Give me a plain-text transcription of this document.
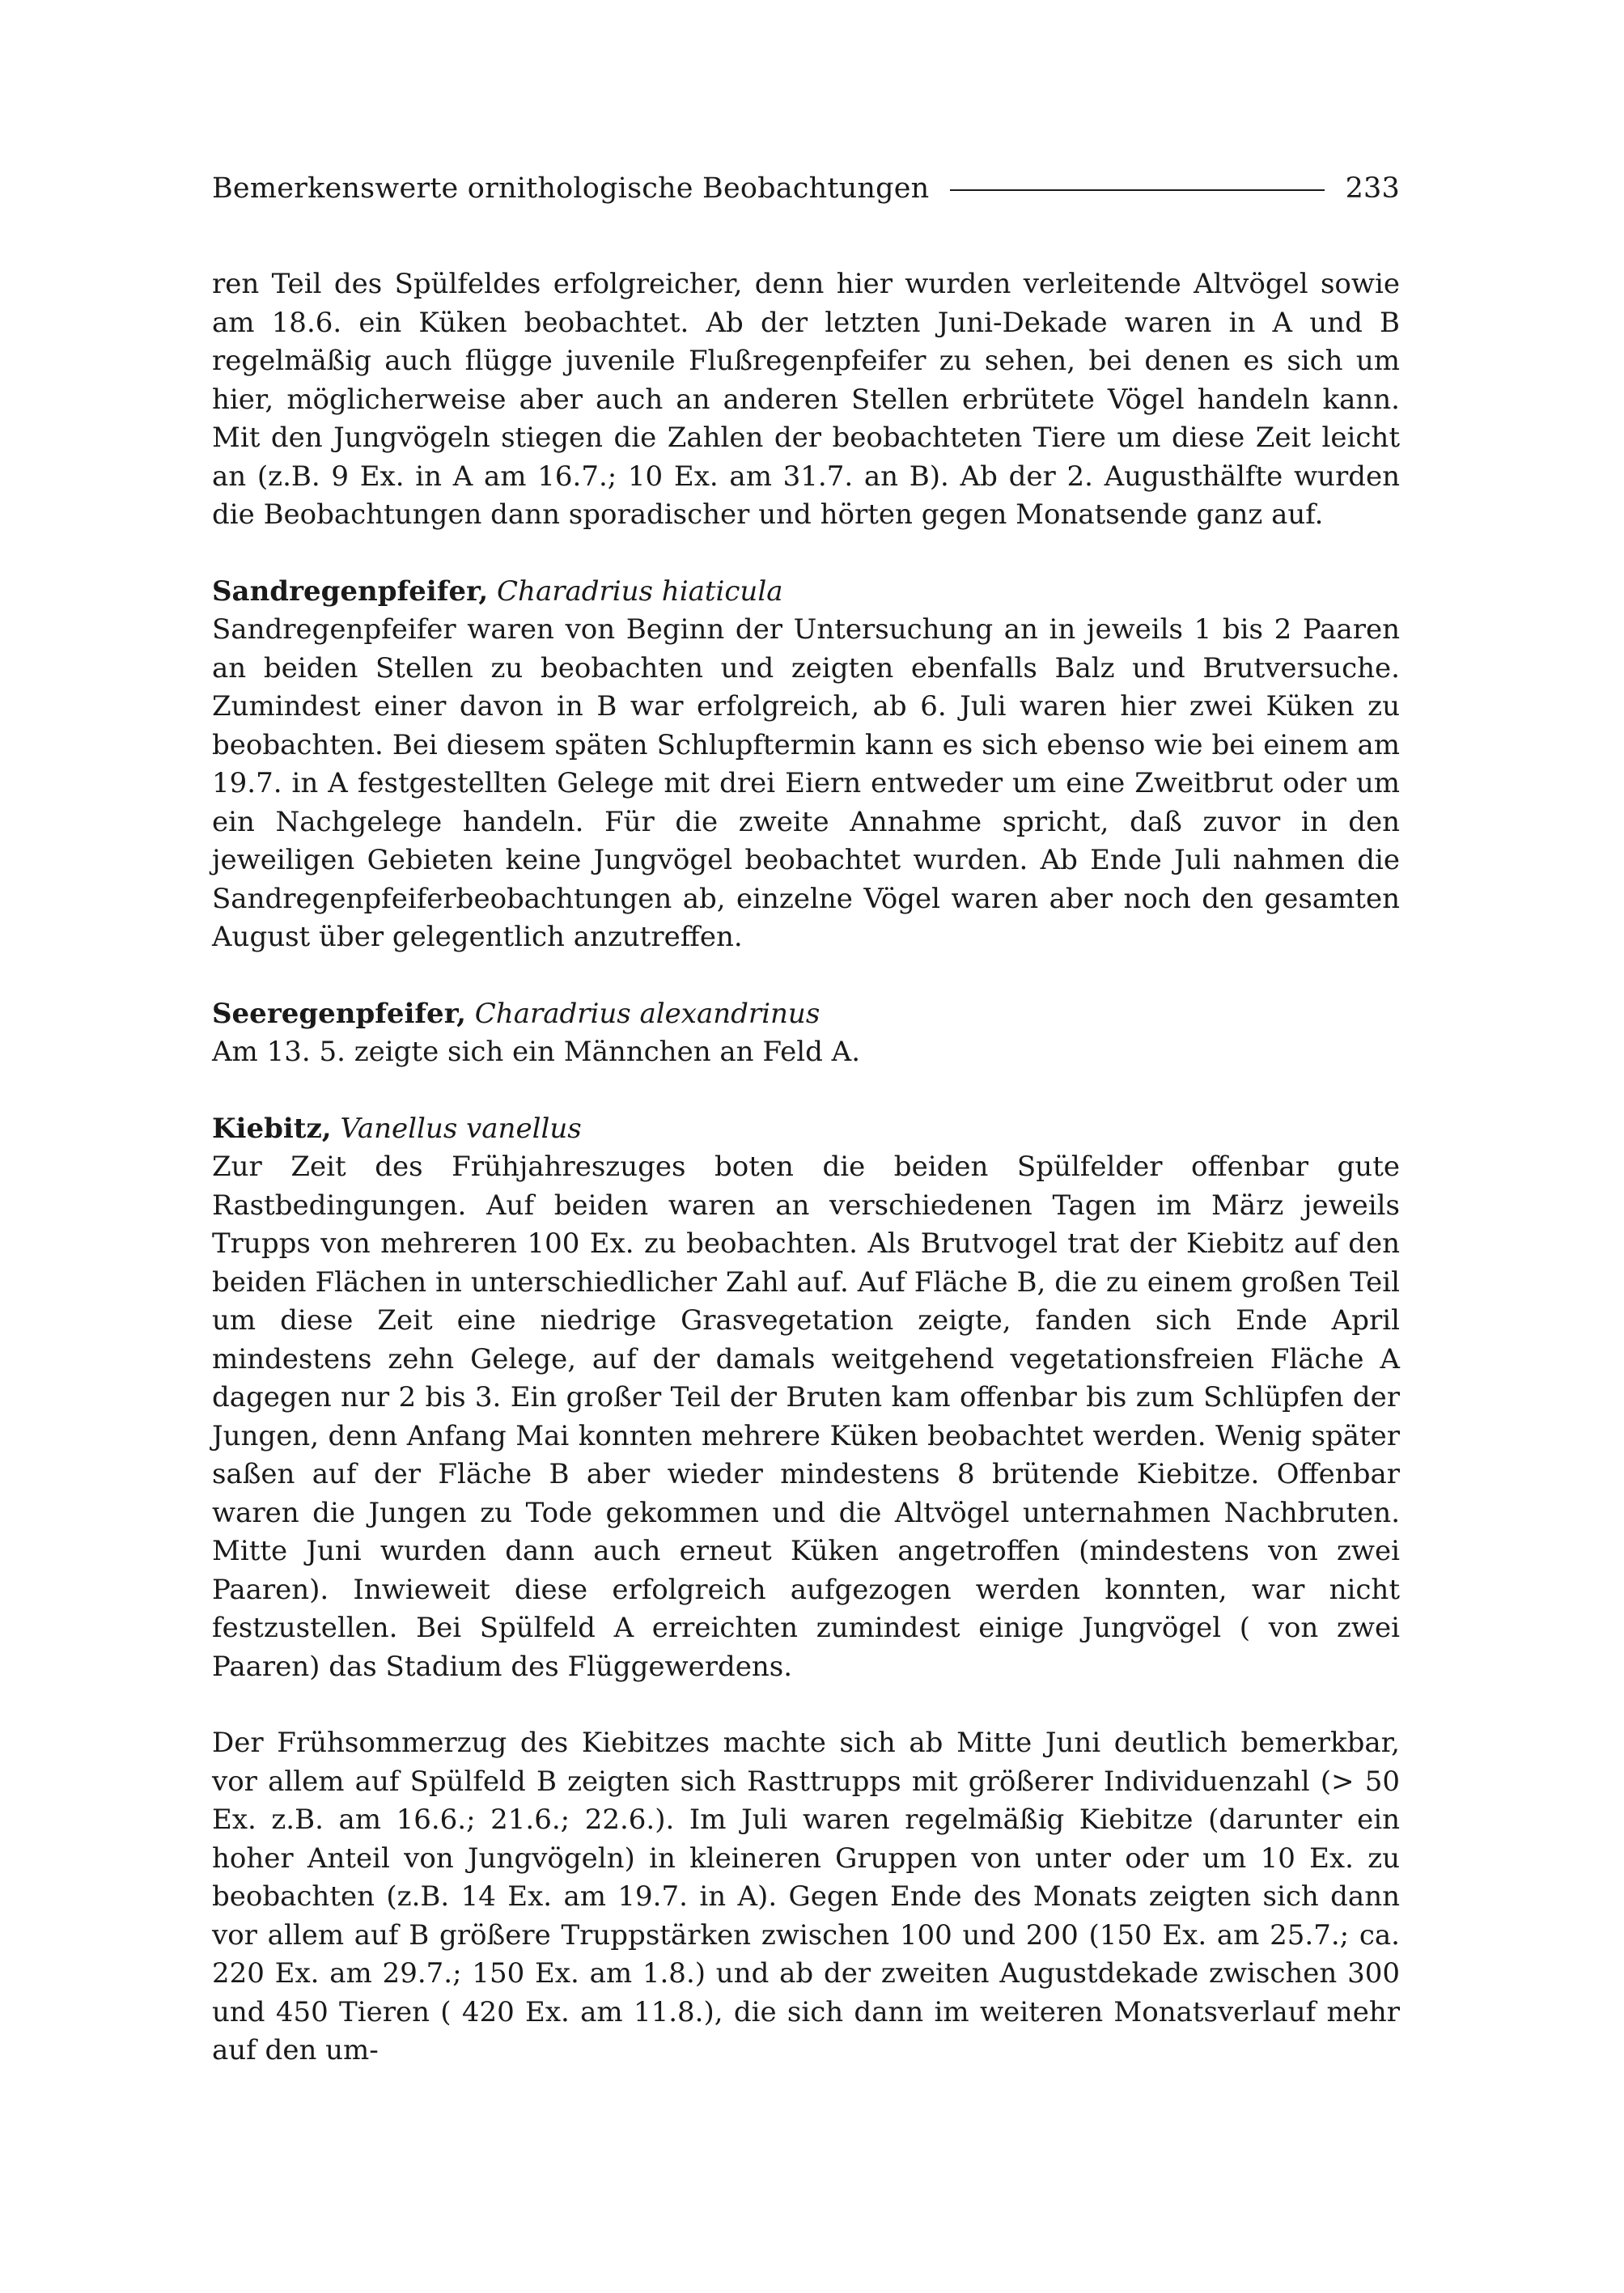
Bemerkenswerte ornithologische Beobachtungen	233

ren Teil des Spülfeldes erfolgreicher, denn hier wurden verleitende Altvögel sowie am 18.6. ein Küken beobachtet. Ab der letzten Juni-Dekade waren in A und B regelmäßig auch flügge juvenile Flußregenpfeifer zu sehen, bei denen es sich um hier, möglicherweise aber auch an anderen Stellen erbrütete Vögel handeln kann. Mit den Jungvögeln stiegen die Zahlen der beobachteten Tiere um diese Zeit leicht an (z.B. 9 Ex. in A am 16.7.; 10 Ex. am 31.7. an B). Ab der 2. Augusthälfte wurden die Beobachtungen dann sporadischer und hörten gegen Monatsende ganz auf.

Sandregenpfeifer, Charadrius hiaticula

Sandregenpfeifer waren von Beginn der Untersuchung an in jeweils 1 bis 2 Paaren an beiden Stellen zu beobachten und zeigten ebenfalls Balz und Brutversuche. Zumindest einer davon in B war erfolgreich, ab 6. Juli waren hier zwei Küken zu beobachten. Bei diesem späten Schlupftermin kann es sich ebenso wie bei einem am 19.7. in A festgestellten Gelege mit drei Eiern entweder um eine Zweitbrut oder um ein Nachgelege handeln. Für die zweite Annahme spricht, daß zuvor in den jeweiligen Gebieten keine Jungvögel beobachtet wurden. Ab Ende Juli nahmen die Sandregenpfeiferbeobachtungen ab, einzelne Vögel waren aber noch den gesamten August über gelegentlich anzutreffen.

Seeregenpfeifer, Charadrius alexandrinus

Am 13. 5. zeigte sich ein Männchen an Feld A.

Kiebitz, Vanellus vanellus

Zur Zeit des Frühjahreszuges boten die beiden Spülfelder offenbar gute Rastbedingungen. Auf beiden waren an verschiedenen Tagen im März jeweils Trupps von mehreren 100 Ex. zu beobachten. Als Brutvogel trat der Kiebitz auf den beiden Flächen in unterschiedlicher Zahl auf. Auf Fläche B, die zu einem großen Teil um diese Zeit eine niedrige Grasvegetation zeigte, fanden sich Ende April mindestens zehn Gelege, auf der damals weitgehend vegetationsfreien Fläche A dagegen nur 2 bis 3. Ein großer Teil der Bruten kam offenbar bis zum Schlüpfen der Jungen, denn Anfang Mai konnten mehrere Küken beobachtet werden. Wenig später saßen auf der Fläche B aber wieder mindestens 8 brütende Kiebitze. Offenbar waren die Jungen zu Tode gekommen und die Altvögel unternahmen Nachbruten. Mitte Juni wurden dann auch erneut Küken angetroffen (mindestens von zwei Paaren). Inwieweit diese erfolgreich aufgezogen werden konnten, war nicht festzustellen. Bei Spülfeld A erreichten zumindest einige Jungvögel ( von zwei Paaren) das Stadium des Flüggewerdens.

Der Frühsommerzug des Kiebitzes machte sich ab Mitte Juni deutlich bemerkbar, vor allem auf Spülfeld B zeigten sich Rasttrupps mit größerer Individuenzahl (> 50 Ex. z.B. am 16.6.; 21.6.; 22.6.). Im Juli waren regelmäßig Kiebitze (darunter ein hoher Anteil von Jungvögeln) in kleineren Gruppen von unter oder um 10 Ex. zu beobachten (z.B. 14 Ex. am 19.7. in A). Gegen Ende des Monats zeigten sich dann vor allem auf B größere Truppstärken zwischen 100 und 200 (150 Ex. am 25.7.; ca. 220 Ex. am 29.7.; 150 Ex. am 1.8.) und ab der zweiten Augustdekade zwischen 300 und 450 Tieren ( 420 Ex. am 11.8.), die sich dann im weiteren Monatsverlauf mehr auf den um-
